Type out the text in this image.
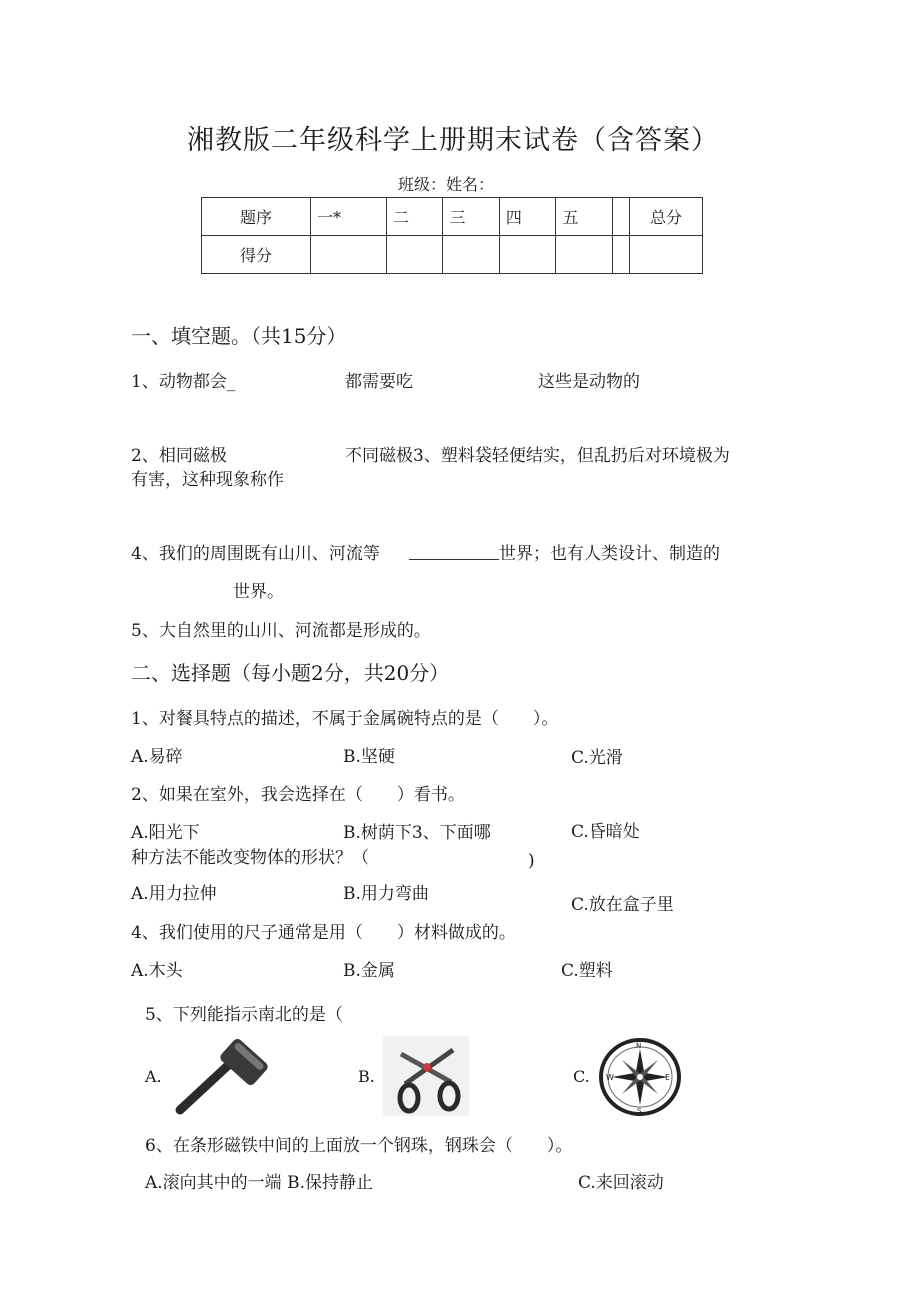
湘教版二年级科学上册期末试卷（含答案）
班级：姓名：
题序	一*	二	三	四	五		总分
得分							
一、填空题。（共15分）
1、动物都会_	都需要吃	这些是动物的
2、相同磁极	不同磁极3、塑料袋轻便结实，但乱扔后对环境极为
有害，这种现象称作
4、我们的周围既有山川、河流等	世界；也有人类设计、制造的
世界。
5、大自然里的山川、河流都是形成的。
二、选择题（每小题2分，共20分）
1、对餐具特点的描述，不属于金属碗特点的是（　　）。
A.易碎	B.坚硬	C.光滑
2、如果在室外，我会选择在（　　）看书。
A.阳光下	B.树荫下3、下面哪	C.昏暗处
种方法不能改变物体的形状？（	)
A.用力拉伸	B.用力弯曲
C.放在盒子里
4、我们使用的尺子通常是用（　　）材料做成的。
A.木头	B.金属	C.塑料
5、下列能指示南北的是（
A.	B.	C.
N
E
W
S
6、在条形磁铁中间的上面放一个钢珠，钢珠会（　　）。
A.滚向其中的一端 B.保持静止	C.来回滚动
